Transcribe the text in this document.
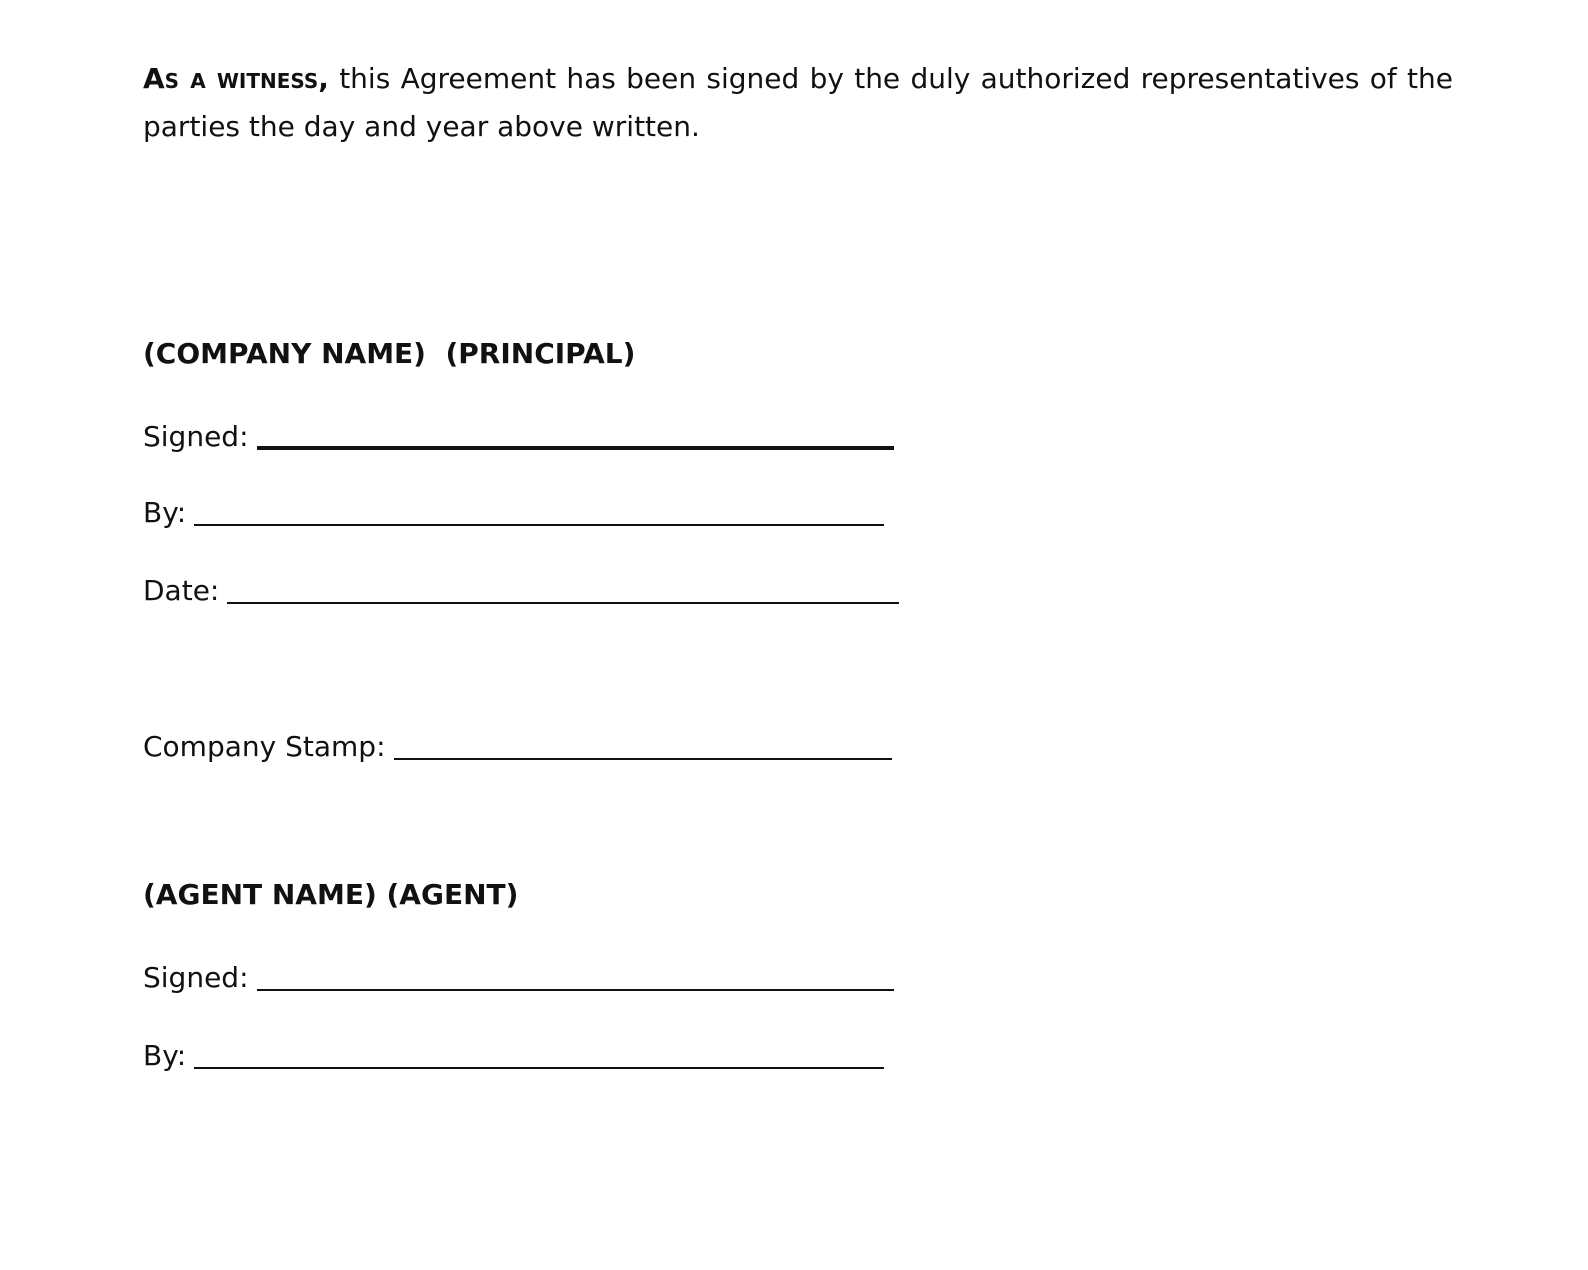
As a witness, this Agreement has been signed by the duly authorized representatives of the parties the day and year above written.

(COMPANY NAME)  (PRINCIPAL)
Signed:
By:
Date:
Company Stamp:
(AGENT NAME) (AGENT)
Signed:
By:
